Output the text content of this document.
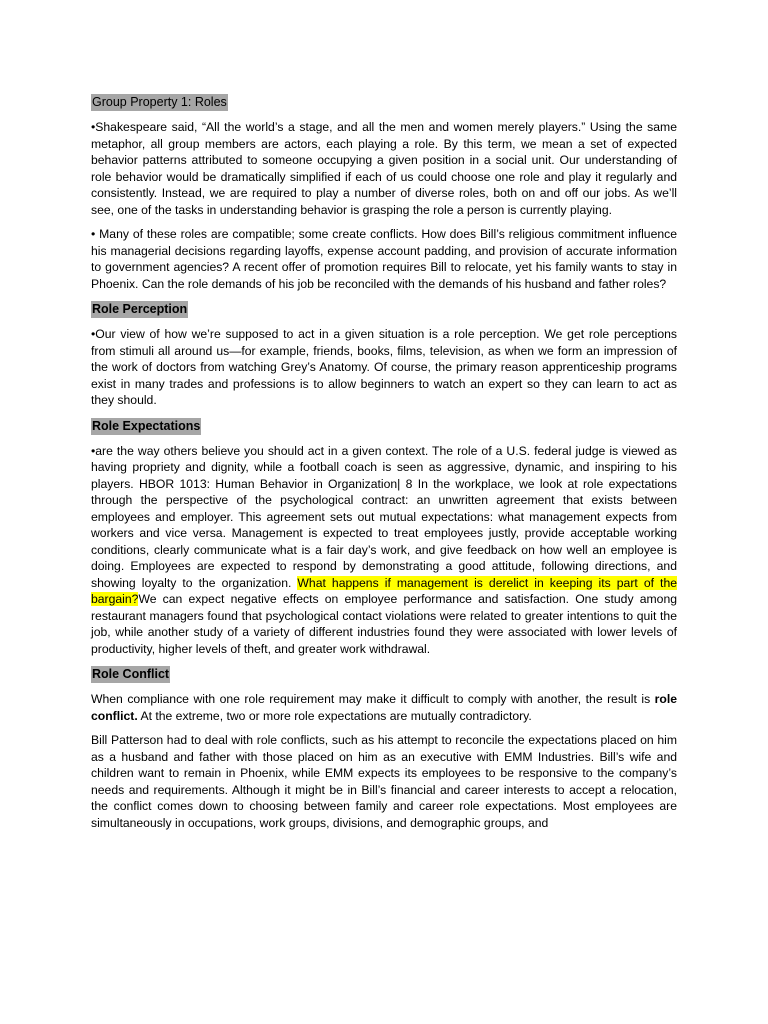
Group Property 1: Roles

•Shakespeare said, “All the world’s a stage, and all the men and women merely players.” Using the same metaphor, all group members are actors, each playing a role. By this term, we mean a set of expected behavior patterns attributed to someone occupying a given position in a social unit. Our understanding of role behavior would be dramatically simplified if each of us could choose one role and play it regularly and consistently. Instead, we are required to play a number of diverse roles, both on and off our jobs. As we’ll see, one of the tasks in understanding behavior is grasping the role a person is currently playing.

• Many of these roles are compatible; some create conflicts. How does Bill’s religious commitment influence his managerial decisions regarding layoffs, expense account padding, and provision of accurate information to government agencies? A recent offer of promotion requires Bill to relocate, yet his family wants to stay in Phoenix. Can the role demands of his job be reconciled with the demands of his husband and father roles?

Role Perception

•Our view of how we’re supposed to act in a given situation is a role perception. We get role perceptions from stimuli all around us—for example, friends, books, films, television, as when we form an impression of the work of doctors from watching Grey’s Anatomy. Of course, the primary reason apprenticeship programs exist in many trades and professions is to allow beginners to watch an expert so they can learn to act as they should.

Role Expectations

•are the way others believe you should act in a given context. The role of a U.S. federal judge is viewed as having propriety and dignity, while a football coach is seen as aggressive, dynamic, and inspiring to his players. HBOR 1013: Human Behavior in Organization| 8 In the workplace, we look at role expectations through the perspective of the psychological contract: an unwritten agreement that exists between employees and employer. This agreement sets out mutual expectations: what management expects from workers and vice versa. Management is expected to treat employees justly, provide acceptable working conditions, clearly communicate what is a fair day’s work, and give feedback on how well an employee is doing. Employees are expected to respond by demonstrating a good attitude, following directions, and showing loyalty to the organization. What happens if management is derelict in keeping its part of the bargain?We can expect negative effects on employee performance and satisfaction. One study among restaurant managers found that psychological contact violations were related to greater intentions to quit the job, while another study of a variety of different industries found they were associated with lower levels of productivity, higher levels of theft, and greater work withdrawal.

Role Conflict

When compliance with one role requirement may make it difficult to comply with another, the result is role conflict. At the extreme, two or more role expectations are mutually contradictory.

Bill Patterson had to deal with role conflicts, such as his attempt to reconcile the expectations placed on him as a husband and father with those placed on him as an executive with EMM Industries. Bill’s wife and children want to remain in Phoenix, while EMM expects its employees to be responsive to the company’s needs and requirements. Although it might be in Bill’s financial and career interests to accept a relocation, the conflict comes down to choosing between family and career role expectations. Most employees are simultaneously in occupations, work groups, divisions, and demographic groups, and
